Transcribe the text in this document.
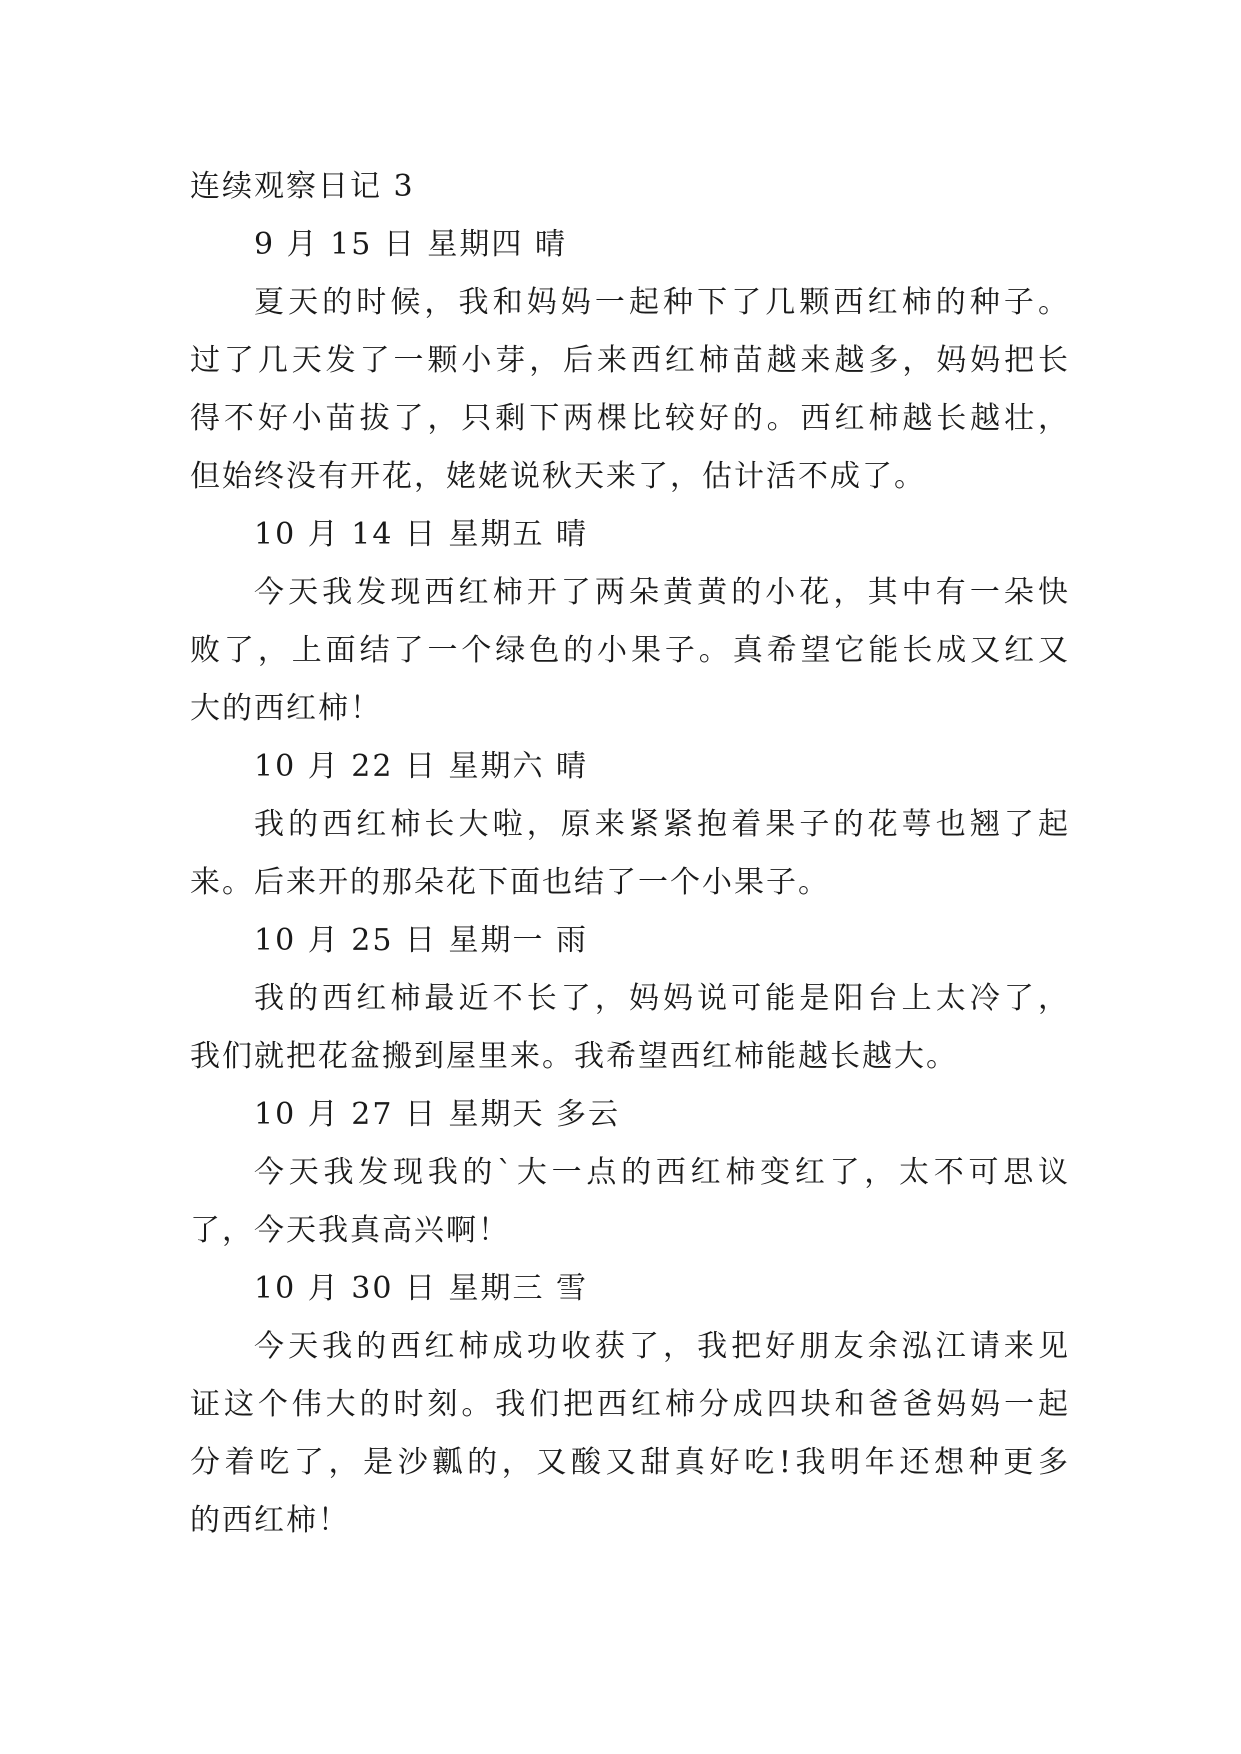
连续观察日记 3
9 月 15 日 星期四 晴

夏天的时候，我和妈妈一起种下了几颗西红柿的种子。
过了几天发了一颗小芽，后来西红柿苗越来越多，妈妈把长
得不好小苗拔了，只剩下两棵比较好的。西红柿越长越壮，
但始终没有开花，姥姥说秋天来了，估计活不成了。

10 月 14 日 星期五 晴

今天我发现西红柿开了两朵黄黄的小花，其中有一朵快
败了，上面结了一个绿色的小果子。真希望它能长成又红又
大的西红柿！

10 月 22 日 星期六 晴

我的西红柿长大啦，原来紧紧抱着果子的花萼也翘了起
来。后来开的那朵花下面也结了一个小果子。

10 月 25 日 星期一 雨

我的西红柿最近不长了，妈妈说可能是阳台上太冷了，
我们就把花盆搬到屋里来。我希望西红柿能越长越大。

10 月 27 日 星期天 多云

今天我发现我的`大一点的西红柿变红了，太不可思议
了，今天我真高兴啊！

10 月 30 日 星期三 雪

今天我的西红柿成功收获了，我把好朋友余泓江请来见
证这个伟大的时刻。我们把西红柿分成四块和爸爸妈妈一起
分着吃了，是沙瓤的，又酸又甜真好吃!我明年还想种更多
的西红柿！
